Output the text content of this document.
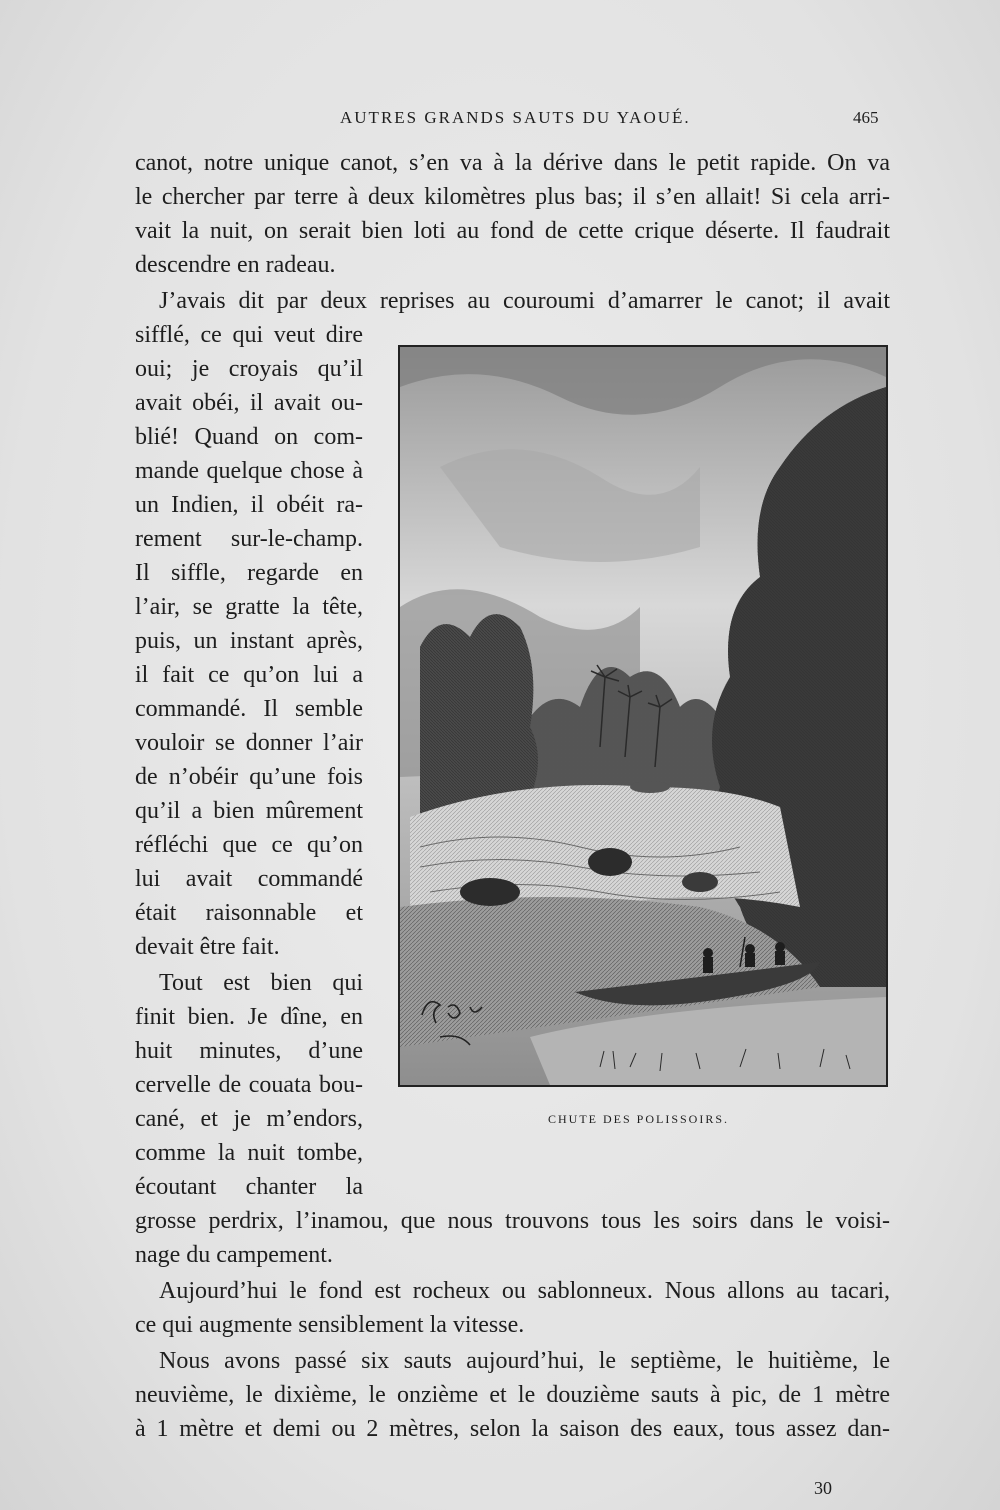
AUTRES GRANDS SAUTS DU YAOUÉ.	465
canot, notre unique canot, s’en va à la dérive dans le petit rapide. On va
le chercher par terre à deux kilomètres plus bas; il s’en allait! Si cela arri-
vait la nuit, on serait bien loti au fond de cette crique déserte. Il faudrait
descendre en radeau.
J’avais dit par deux reprises au couroumi d’amarrer le canot; il avait
sifflé, ce qui veut dire
oui; je croyais qu’il
avait obéi, il avait ou-
blié! Quand on com-
mande quelque chose à
un Indien, il obéit ra-
rement sur-le-champ.
Il siffle, regarde en
l’air, se gratte la tête,
puis, un instant après,
il fait ce qu’on lui a
commandé. Il semble
vouloir se donner l’air
de n’obéir qu’une fois
qu’il a bien mûrement
réfléchi que ce qu’on
lui avait commandé
était raisonnable et
devait être fait.
Tout est bien qui
finit bien. Je dîne, en
huit minutes, d’une
cervelle de couata bou-
cané, et je m’endors,
comme la nuit tombe,
écoutant chanter la
grosse perdrix, l’inamou, que nous trouvons tous les soirs dans le voisi-
nage du campement.
Aujourd’hui le fond est rocheux ou sablonneux. Nous allons au tacari,
ce qui augmente sensiblement la vitesse.
Nous avons passé six sauts aujourd’hui, le septième, le huitième, le
neuvième, le dixième, le onzième et le douzième sauts à pic, de 1 mètre
à 1 mètre et demi ou 2 mètres, selon la saison des eaux, tous assez dan-
CHUTE DES POLISSOIRS.
30
